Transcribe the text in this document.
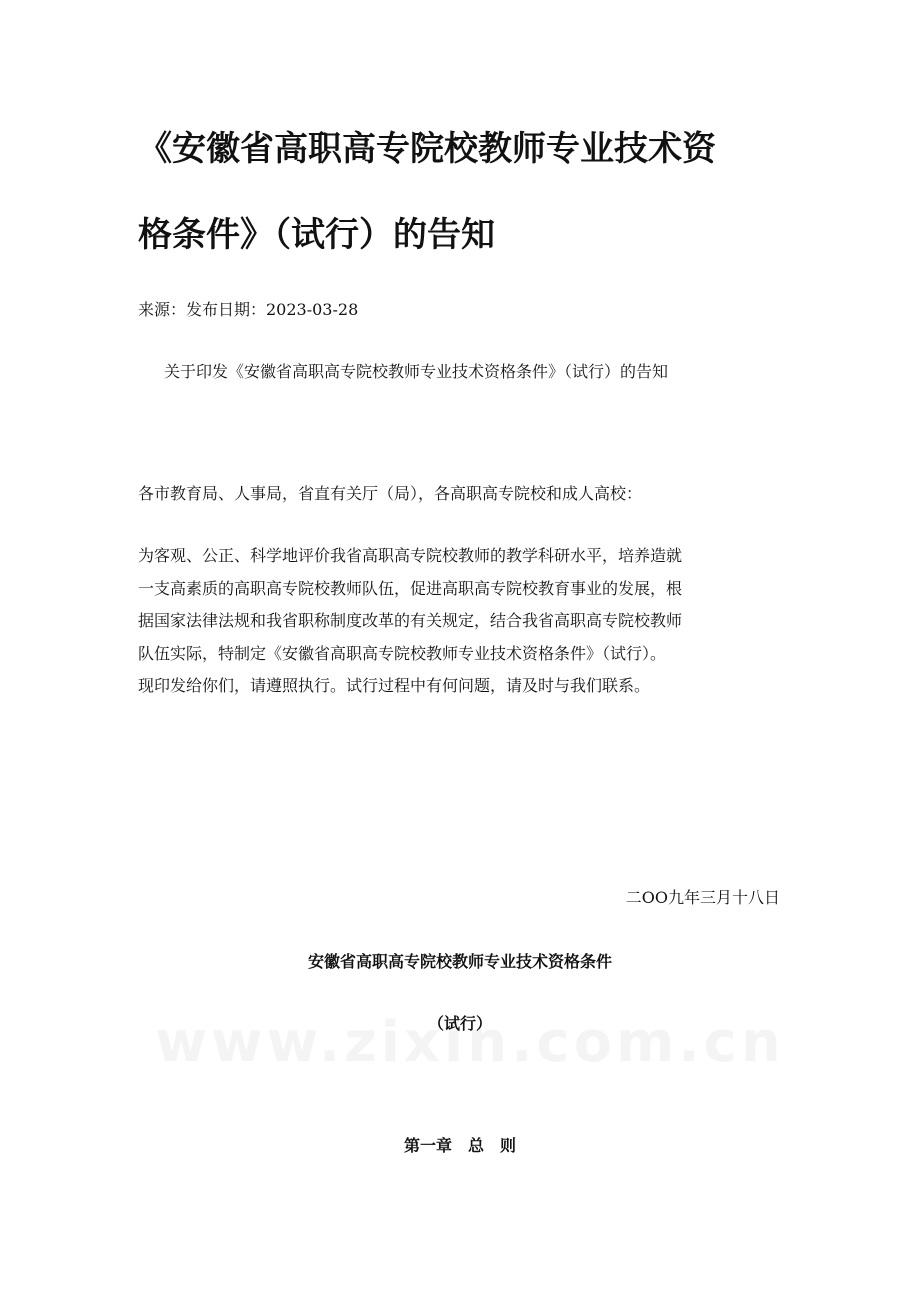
《安徽省高职高专院校教师专业技术资
格条件》（试行）的告知
来源：发布日期：2023-03-28
关于印发《安徽省高职高专院校教师专业技术资格条件》（试行）的告知
各市教育局、人事局，省直有关厅（局），各高职高专院校和成人高校：

为客观、公正、科学地评价我省高职高专院校教师的教学科研水平，培养造就
一支高素质的高职高专院校教师队伍，促进高职高专院校教育事业的发展，根
据国家法律法规和我省职称制度改革的有关规定，结合我省高职高专院校教师
队伍实际，特制定《安徽省高职高专院校教师专业技术资格条件》（试行）。
现印发给你们，请遵照执行。试行过程中有何问题，请及时与我们联系。

二OO九年三月十八日
安徽省高职高专院校教师专业技术资格条件
（试行）
第一章　总　则
